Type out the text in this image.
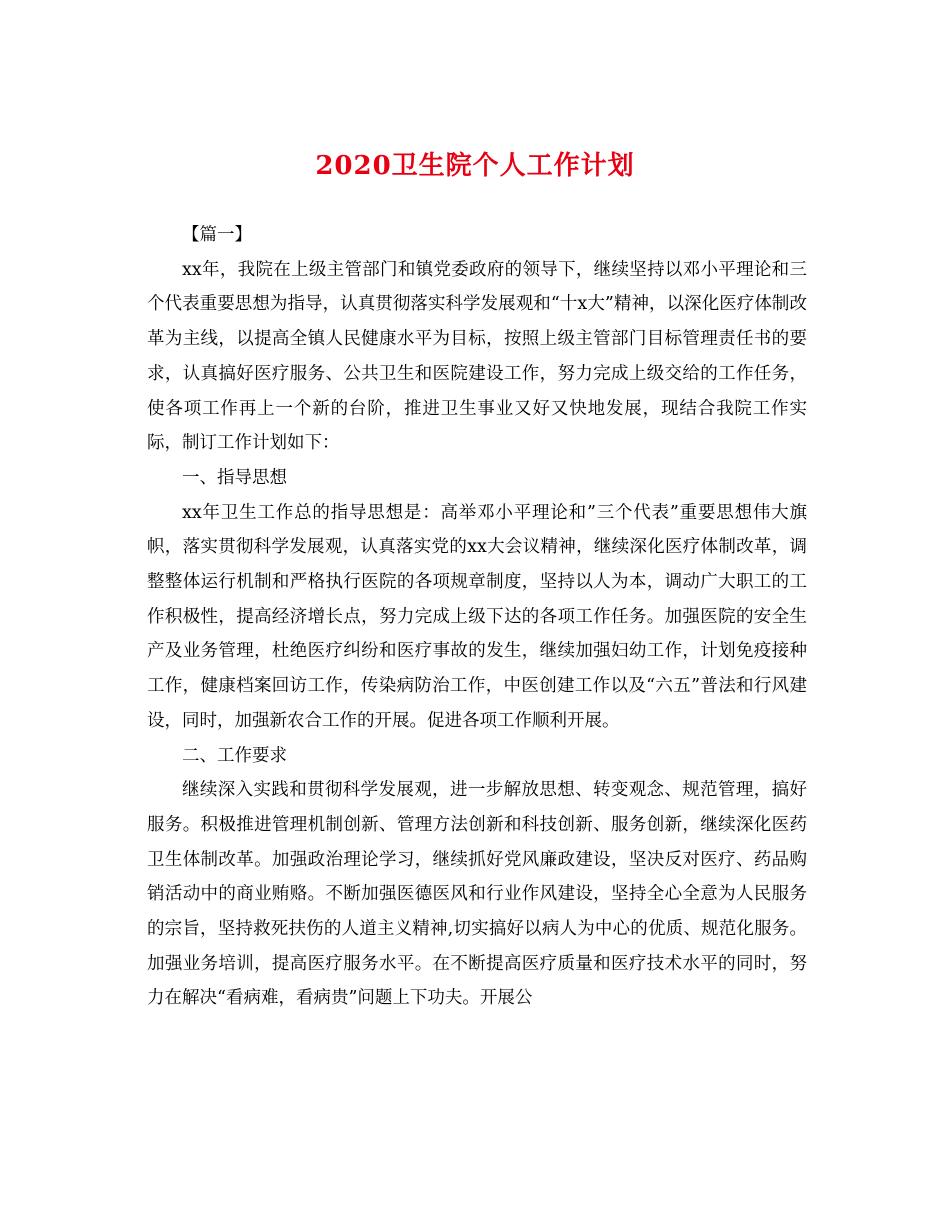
2020卫生院个人工作计划

【篇一】

xx年，我院在上级主管部门和镇党委政府的领导下，继续坚持以邓小平理论和三个代表重要思想为指导，认真贯彻落实科学发展观和“十x大”精神，以深化医疗体制改革为主线，以提高全镇人民健康水平为目标，按照上级主管部门目标管理责任书的要求，认真搞好医疗服务、公共卫生和医院建设工作，努力完成上级交给的工作任务，使各项工作再上一个新的台阶，推进卫生事业又好又快地发展，现结合我院工作实际，制订工作计划如下：

一、指导思想

xx年卫生工作总的指导思想是：高举邓小平理论和”三个代表”重要思想伟大旗帜，落实贯彻科学发展观，认真落实党的xx大会议精神，继续深化医疗体制改革，调整整体运行机制和严格执行医院的各项规章制度，坚持以人为本，调动广大职工的工作积极性，提高经济增长点，努力完成上级下达的各项工作任务。加强医院的安全生产及业务管理，杜绝医疗纠纷和医疗事故的发生，继续加强妇幼工作，计划免疫接种工作，健康档案回访工作，传染病防治工作，中医创建工作以及“六五”普法和行风建设，同时，加强新农合工作的开展。促进各项工作顺利开展。

二、工作要求

继续深入实践和贯彻科学发展观，进一步解放思想、转变观念、规范管理，搞好服务。积极推进管理机制创新、管理方法创新和科技创新、服务创新，继续深化医药卫生体制改革。加强政治理论学习，继续抓好党风廉政建设，坚决反对医疗、药品购销活动中的商业贿赂。不断加强医德医风和行业作风建设，坚持全心全意为人民服务的宗旨，坚持救死扶伤的人道主义精神,切实搞好以病人为中心的优质、规范化服务。加强业务培训，提高医疗服务水平。在不断提高医疗质量和医疗技术水平的同时，努力在解决“看病难，看病贵”问题上下功夫。开展公
